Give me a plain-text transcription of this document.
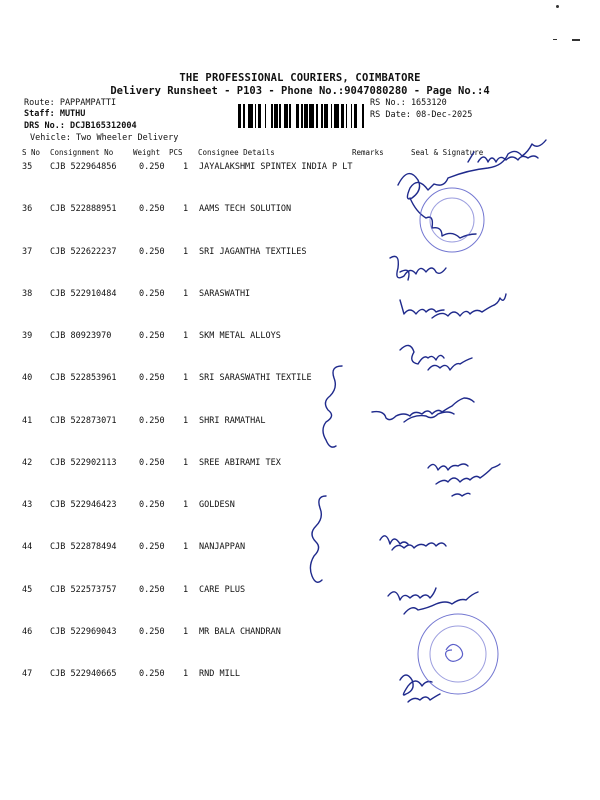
THE PROFESSIONAL COURIERS, COIMBATORE
Delivery Runsheet - P103 - Phone No.:9047080280 - Page No.:4
Route: PAPPAMPATTI
Staff: MUTHU
DRS No.: DCJB165312004
Vehicle: Two Wheeler Delivery
RS No.: 1653120
RS Date: 08-Dec-2025
S No Consignment No	Weight PCS Consignee Details	Remarks	Seal & Signature
35 CJB 522964856	0.250 1 JAYALAKSHMI SPINTEX INDIA P LT
36 CJB 522888951	0.250 1 AAMS TECH SOLUTION
37 CJB 522622237	0.250 1 SRI JAGANTHA TEXTILES
38 CJB 522910484	0.250 1 SARASWATHI
39 CJB 80923970	0.250 1 SKM METAL ALLOYS
40 CJB 522853961	0.250 1 SRI SARASWATHI TEXTILE
41 CJB 522873071	0.250 1 SHRI RAMATHAL
42 CJB 522902113	0.250 1 SREE ABIRAMI TEX
43 CJB 522946423	0.250 1 GOLDESN
44 CJB 522878494	0.250 1 NANJAPPAN
45 CJB 522573757	0.250 1 CARE PLUS
46 CJB 522969043	0.250 1 MR BALA CHANDRAN
47 CJB 522940665	0.250 1 RND MILL
